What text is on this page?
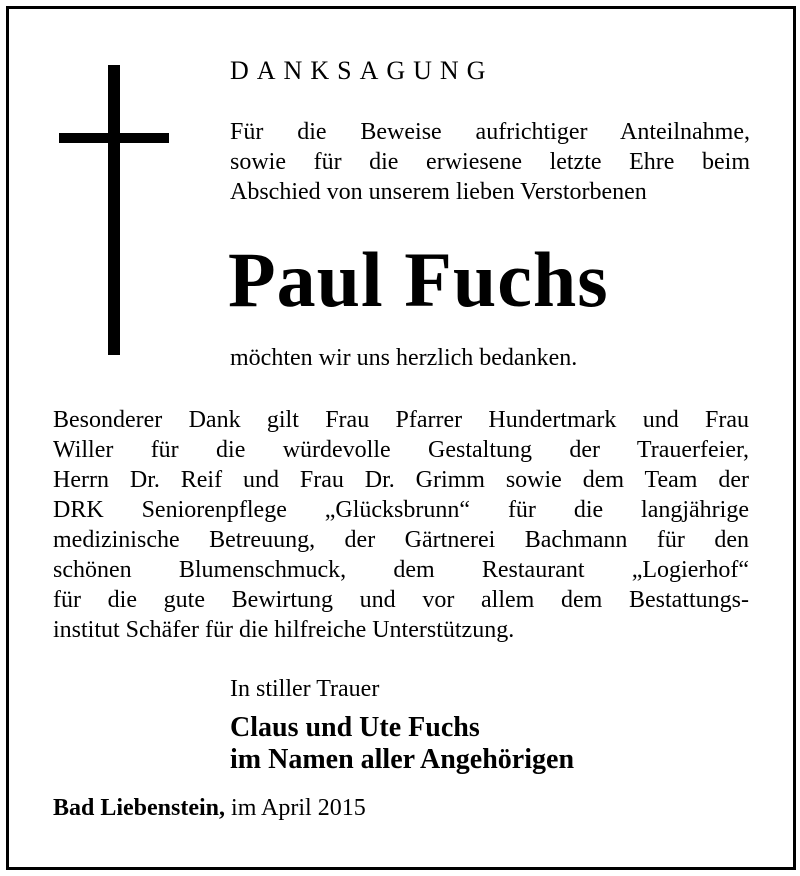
DANKSAGUNG
Für die Beweise aufrichtiger Anteilnahme,
sowie für die erwiesene letzte Ehre beim
Abschied von unserem lieben Verstorbenen
Paul Fuchs
möchten wir uns herzlich bedanken.
Besonderer Dank gilt Frau Pfarrer Hundertmark und Frau
Willer für die würdevolle Gestaltung der Trauerfeier,
Herrn Dr. Reif und Frau Dr. Grimm sowie dem Team der
DRK Seniorenpflege „Glücksbrunn“ für die langjährige
medizinische Betreuung, der Gärtnerei Bachmann für den
schönen Blumenschmuck, dem Restaurant „Logierhof“
für die gute Bewirtung und vor allem dem Bestattungs-
institut Schäfer für die hilfreiche Unterstützung.
In stiller Trauer
Claus und Ute Fuchs
im Namen aller Angehörigen
Bad Liebenstein, im April 2015
